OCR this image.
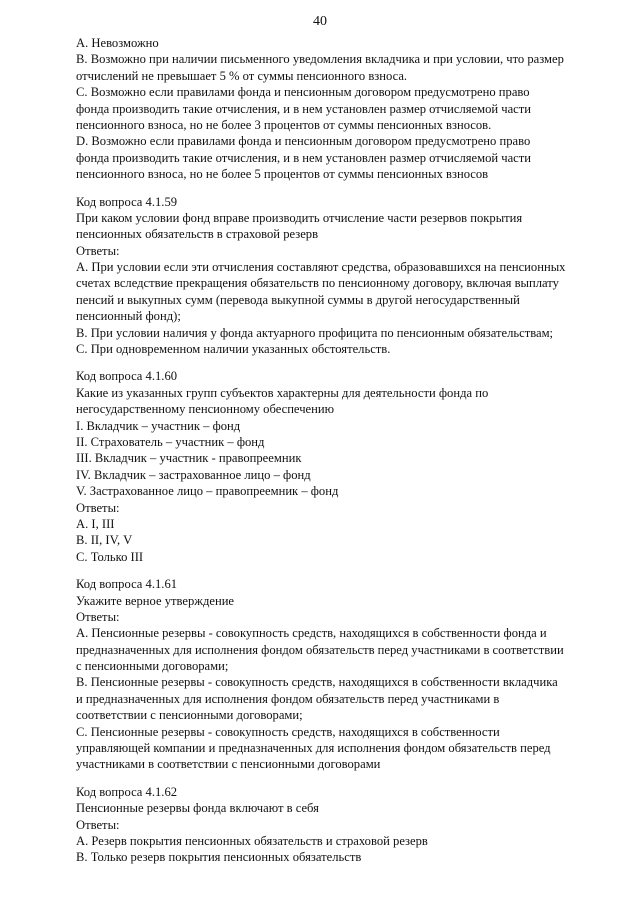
40
А. Невозможно
В. Возможно при наличии письменного уведомления вкладчика и при условии, что размер
отчислений не превышает 5 % от суммы пенсионного взноса.
С. Возможно если правилами фонда и пенсионным договором предусмотрено право
фонда производить такие отчисления, и в нем установлен размер отчисляемой части
пенсионного взноса, но не более 3 процентов от суммы пенсионных взносов.
D. Возможно если правилами фонда и пенсионным договором предусмотрено право
фонда производить такие отчисления, и в нем установлен размер отчисляемой части
пенсионного взноса, но не более 5 процентов от суммы пенсионных взносов
Код вопроса 4.1.59
При каком условии фонд вправе производить отчисление части резервов покрытия
пенсионных обязательств в страховой резерв
Ответы:
А. При условии если эти отчисления составляют средства, образовавшихся на пенсионных
счетах вследствие прекращения обязательств по пенсионному договору, включая выплату
пенсий и выкупных сумм (перевода выкупной суммы в другой негосударственный
пенсионный фонд);
В. При условии наличия у фонда актуарного профицита по пенсионным обязательствам;
С. При одновременном наличии указанных обстоятельств.
Код вопроса 4.1.60
Какие из указанных групп субъектов характерны для деятельности фонда по
негосударственному пенсионному обеспечению
I. Вкладчик – участник – фонд
II. Страхователь – участник – фонд
III. Вкладчик – участник - правопреемник
IV. Вкладчик – застрахованное лицо – фонд
V. Застрахованное лицо – правопреемник – фонд
Ответы:
А. I, III
В. II, IV, V
С. Только III
Код вопроса 4.1.61
Укажите верное утверждение
Ответы:
А. Пенсионные резервы - совокупность средств, находящихся в собственности фонда и
предназначенных для исполнения фондом обязательств перед участниками в соответствии
с пенсионными договорами;
В. Пенсионные резервы - совокупность средств, находящихся в собственности вкладчика
и предназначенных для исполнения фондом обязательств перед участниками в
соответствии с пенсионными договорами;
С. Пенсионные резервы - совокупность средств, находящихся в собственности
управляющей компании и предназначенных для исполнения фондом обязательств перед
участниками в соответствии с пенсионными договорами
Код вопроса 4.1.62
Пенсионные резервы фонда включают в себя
Ответы:
А. Резерв покрытия пенсионных обязательств и страховой резерв
В. Только резерв покрытия пенсионных обязательств
